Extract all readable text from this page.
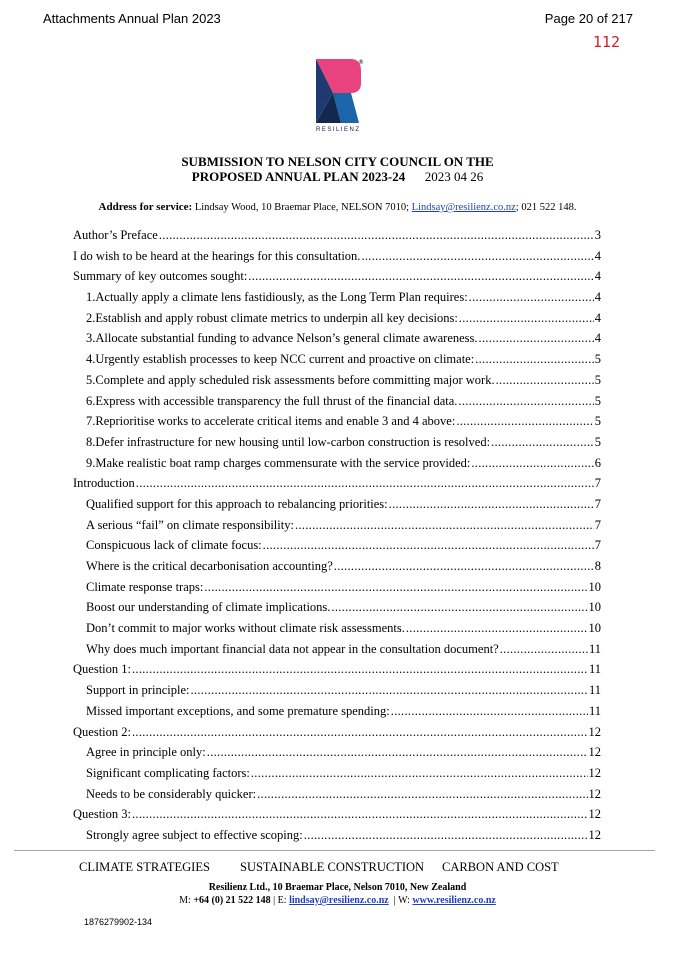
Attachments Annual Plan 2023	Page 20 of 217
112
®
RESILIENZ
SUBMISSION TO NELSON CITY COUNCIL ON THE
PROPOSED ANNUAL PLAN 2023-24 2023 04 26
Address for service: Lindsay Wood, 10 Braemar Place, NELSON 7010; Lindsay@resilienz.co.nz; 021 522 148.
Author’s Preface .....	3
I do wish to be heard at the hearings for this consultation. .....	4
Summary of key outcomes sought: .....	4
1. Actually apply a climate lens fastidiously, as the Long Term Plan requires: .....	4
2. Establish and apply robust climate metrics to underpin all key decisions: .....	4
3. Allocate substantial funding to advance Nelson’s general climate awareness. .....	4
4. Urgently establish processes to keep NCC current and proactive on climate: .....	5
5. Complete and apply scheduled risk assessments before committing major work. .....	5
6. Express with accessible transparency the full thrust of the financial data. .....	5
7. Reprioritise works to accelerate critical items and enable 3 and 4 above: .....	5
8. Defer infrastructure for new housing until low-carbon construction is resolved: .....	5
9. Make realistic boat ramp charges commensurate with the service provided: .....	6
Introduction .....	7
Qualified support for this approach to rebalancing priorities: .....	7
A serious “fail” on climate responsibility: .....	7
Conspicuous lack of climate focus: .....	7
Where is the critical decarbonisation accounting? .....	8
Climate response traps: .....	10
Boost our understanding of climate implications. .....	10
Don’t commit to major works without climate risk assessments. .....	10
Why does much important financial data not appear in the consultation document? .....	11
Question 1: .....	11
Support in principle: .....	11
Missed important exceptions, and some premature spending: .....	11
Question 2: .....	12
Agree in principle only: .....	12
Significant complicating factors: .....	12
Needs to be considerably quicker: .....	12
Question 3: .....	12
Strongly agree subject to effective scoping: .....	12
CLIMATE STRATEGIES SUSTAINABLE CONSTRUCTION CARBON AND COST
Resilienz Ltd., 10 Braemar Place, Nelson 7010, New Zealand
M: +64 (0) 21 522 148 | E: lindsay@resilienz.co.nz | W: www.resilienz.co.nz
1876279902-134
